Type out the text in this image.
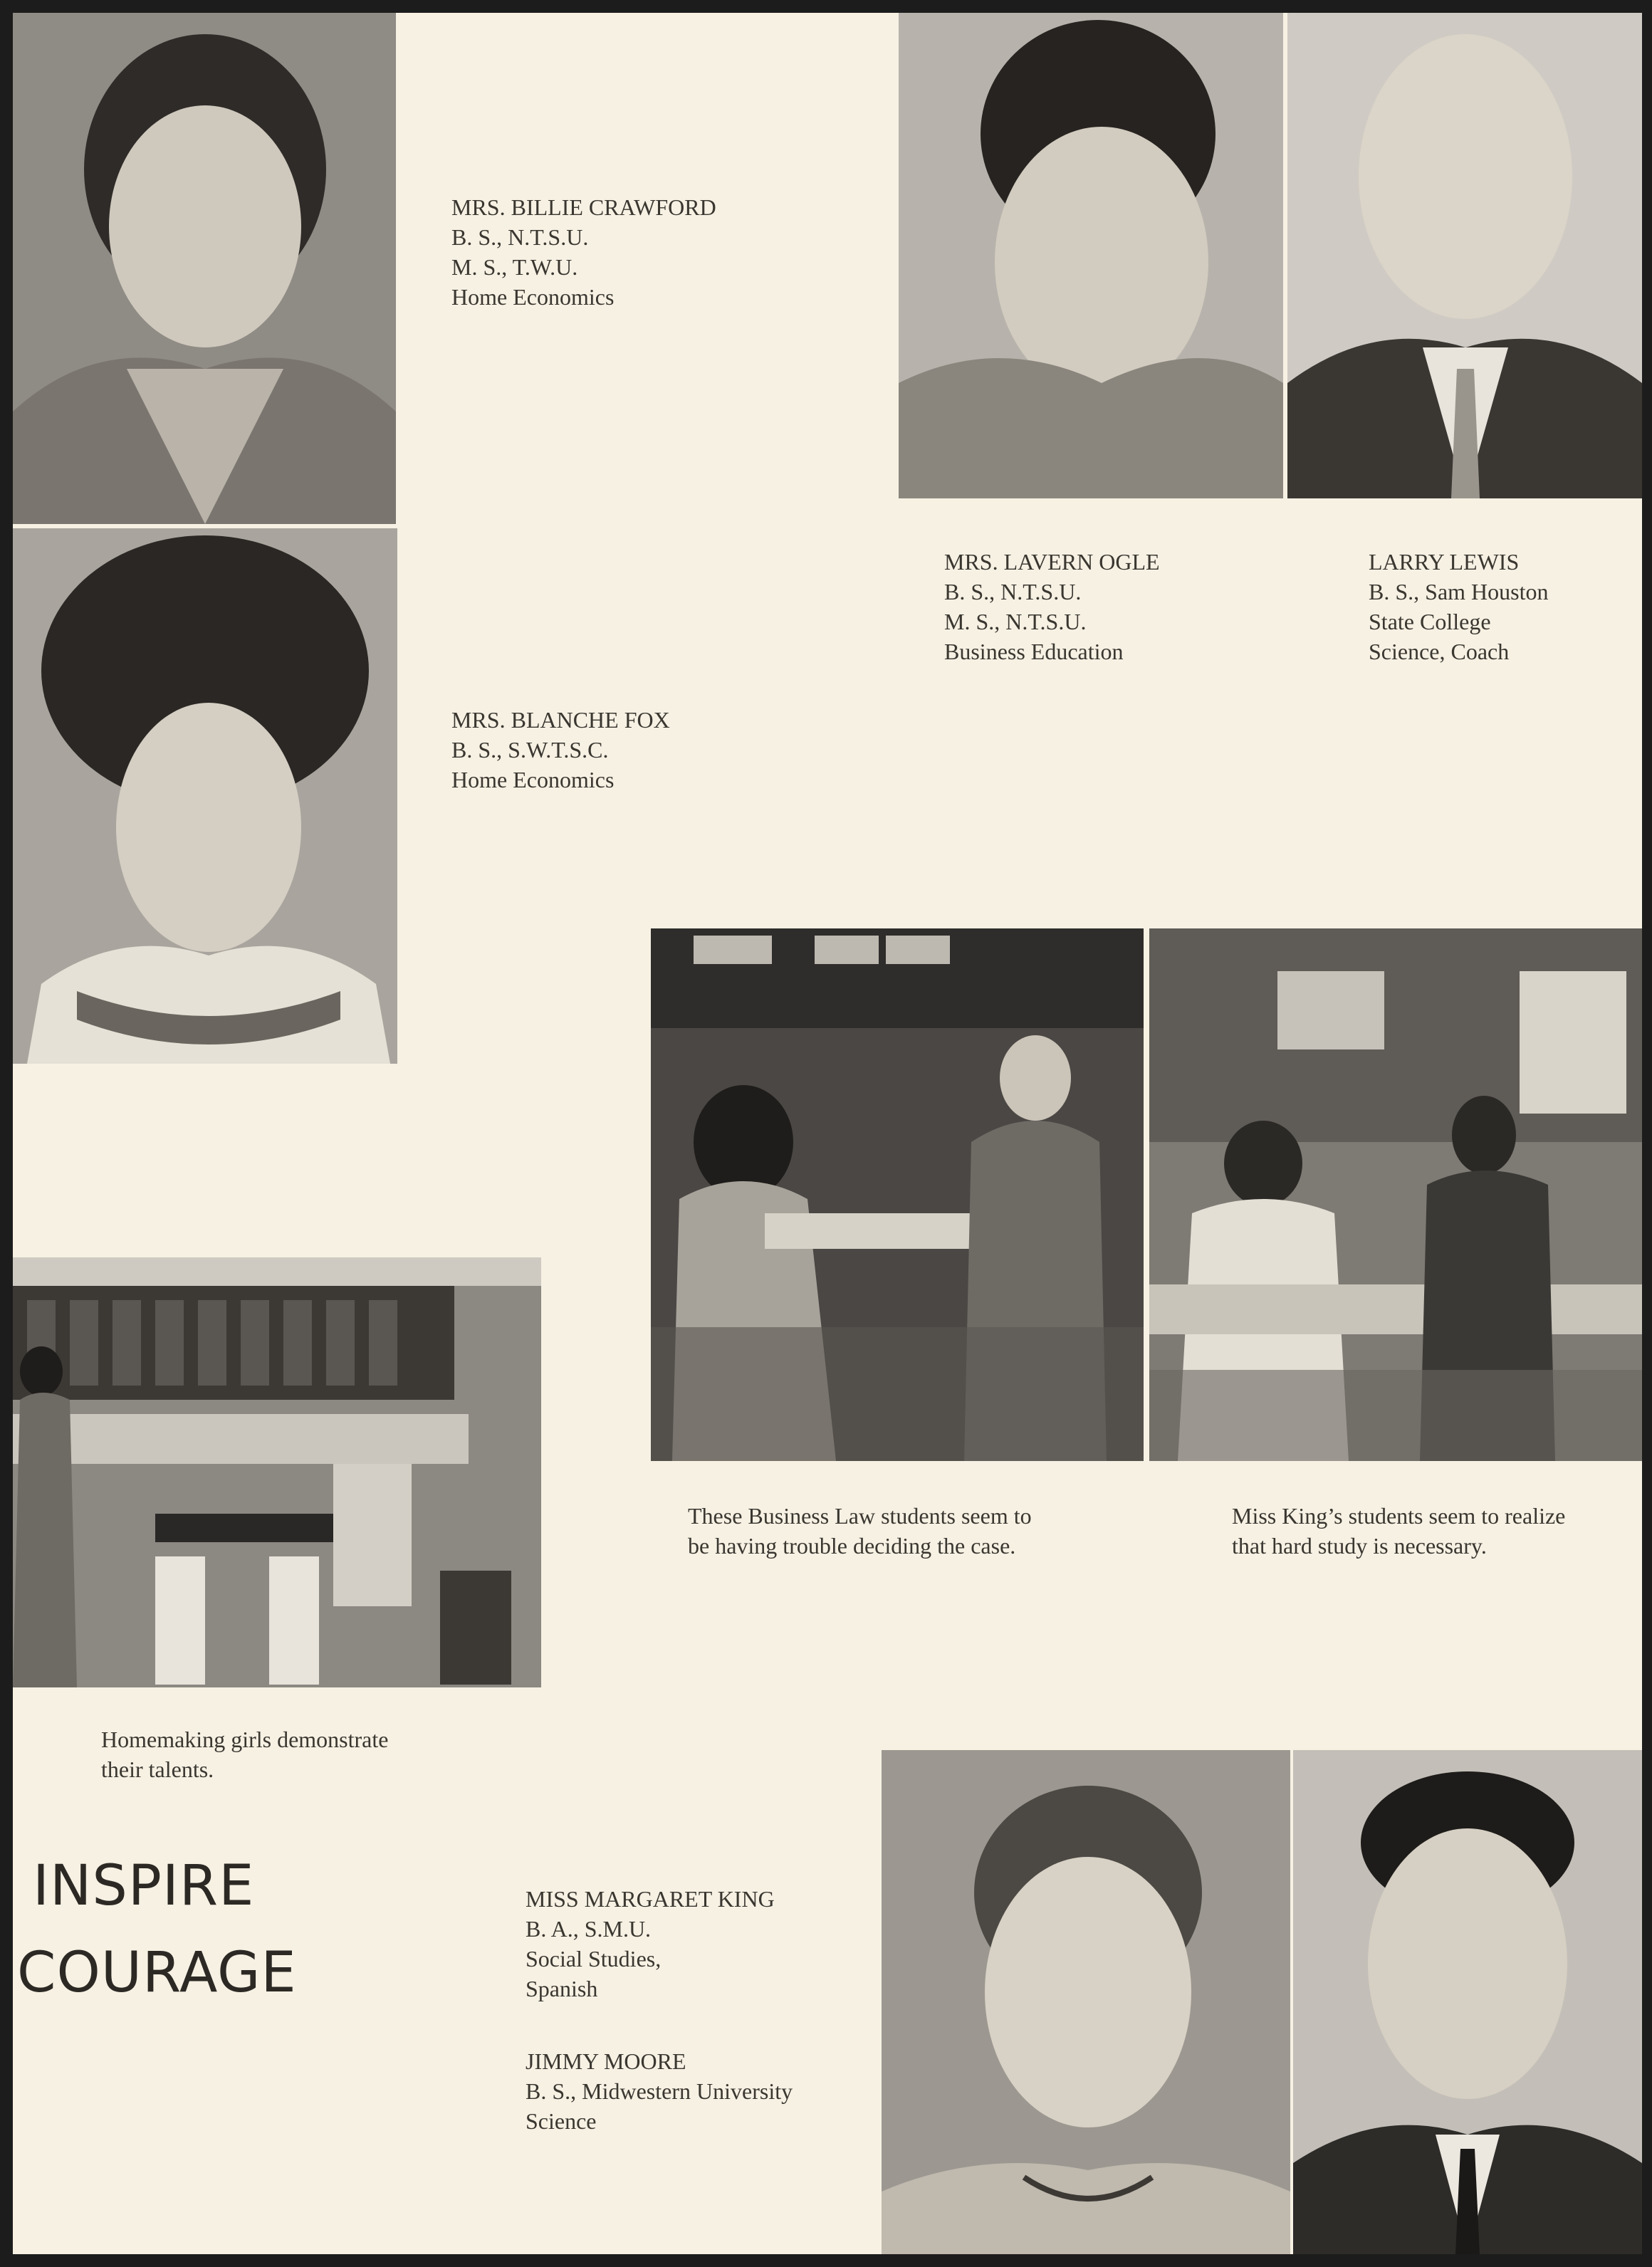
MRS. BILLIE CRAWFORD
B. S., N.T.S.U.
M. S., T.W.U.
Home Economics
MRS. BLANCHE FOX
B. S., S.W.T.S.C.
Home Economics
MRS. LAVERN OGLE
B. S., N.T.S.U.
M. S., N.T.S.U.
Business Education
LARRY LEWIS
B. S., Sam Houston
State College
Science, Coach
MISS MARGARET KING
B. A., S.M.U.
Social Studies,
Spanish
JIMMY MOORE
B. S., Midwestern University
Science
These Business Law students seem to
be having trouble deciding the case.
Miss King’s students seem to realize
that hard study is necessary.
Homemaking girls demonstrate
their talents.
INSPIRE
COURAGE
